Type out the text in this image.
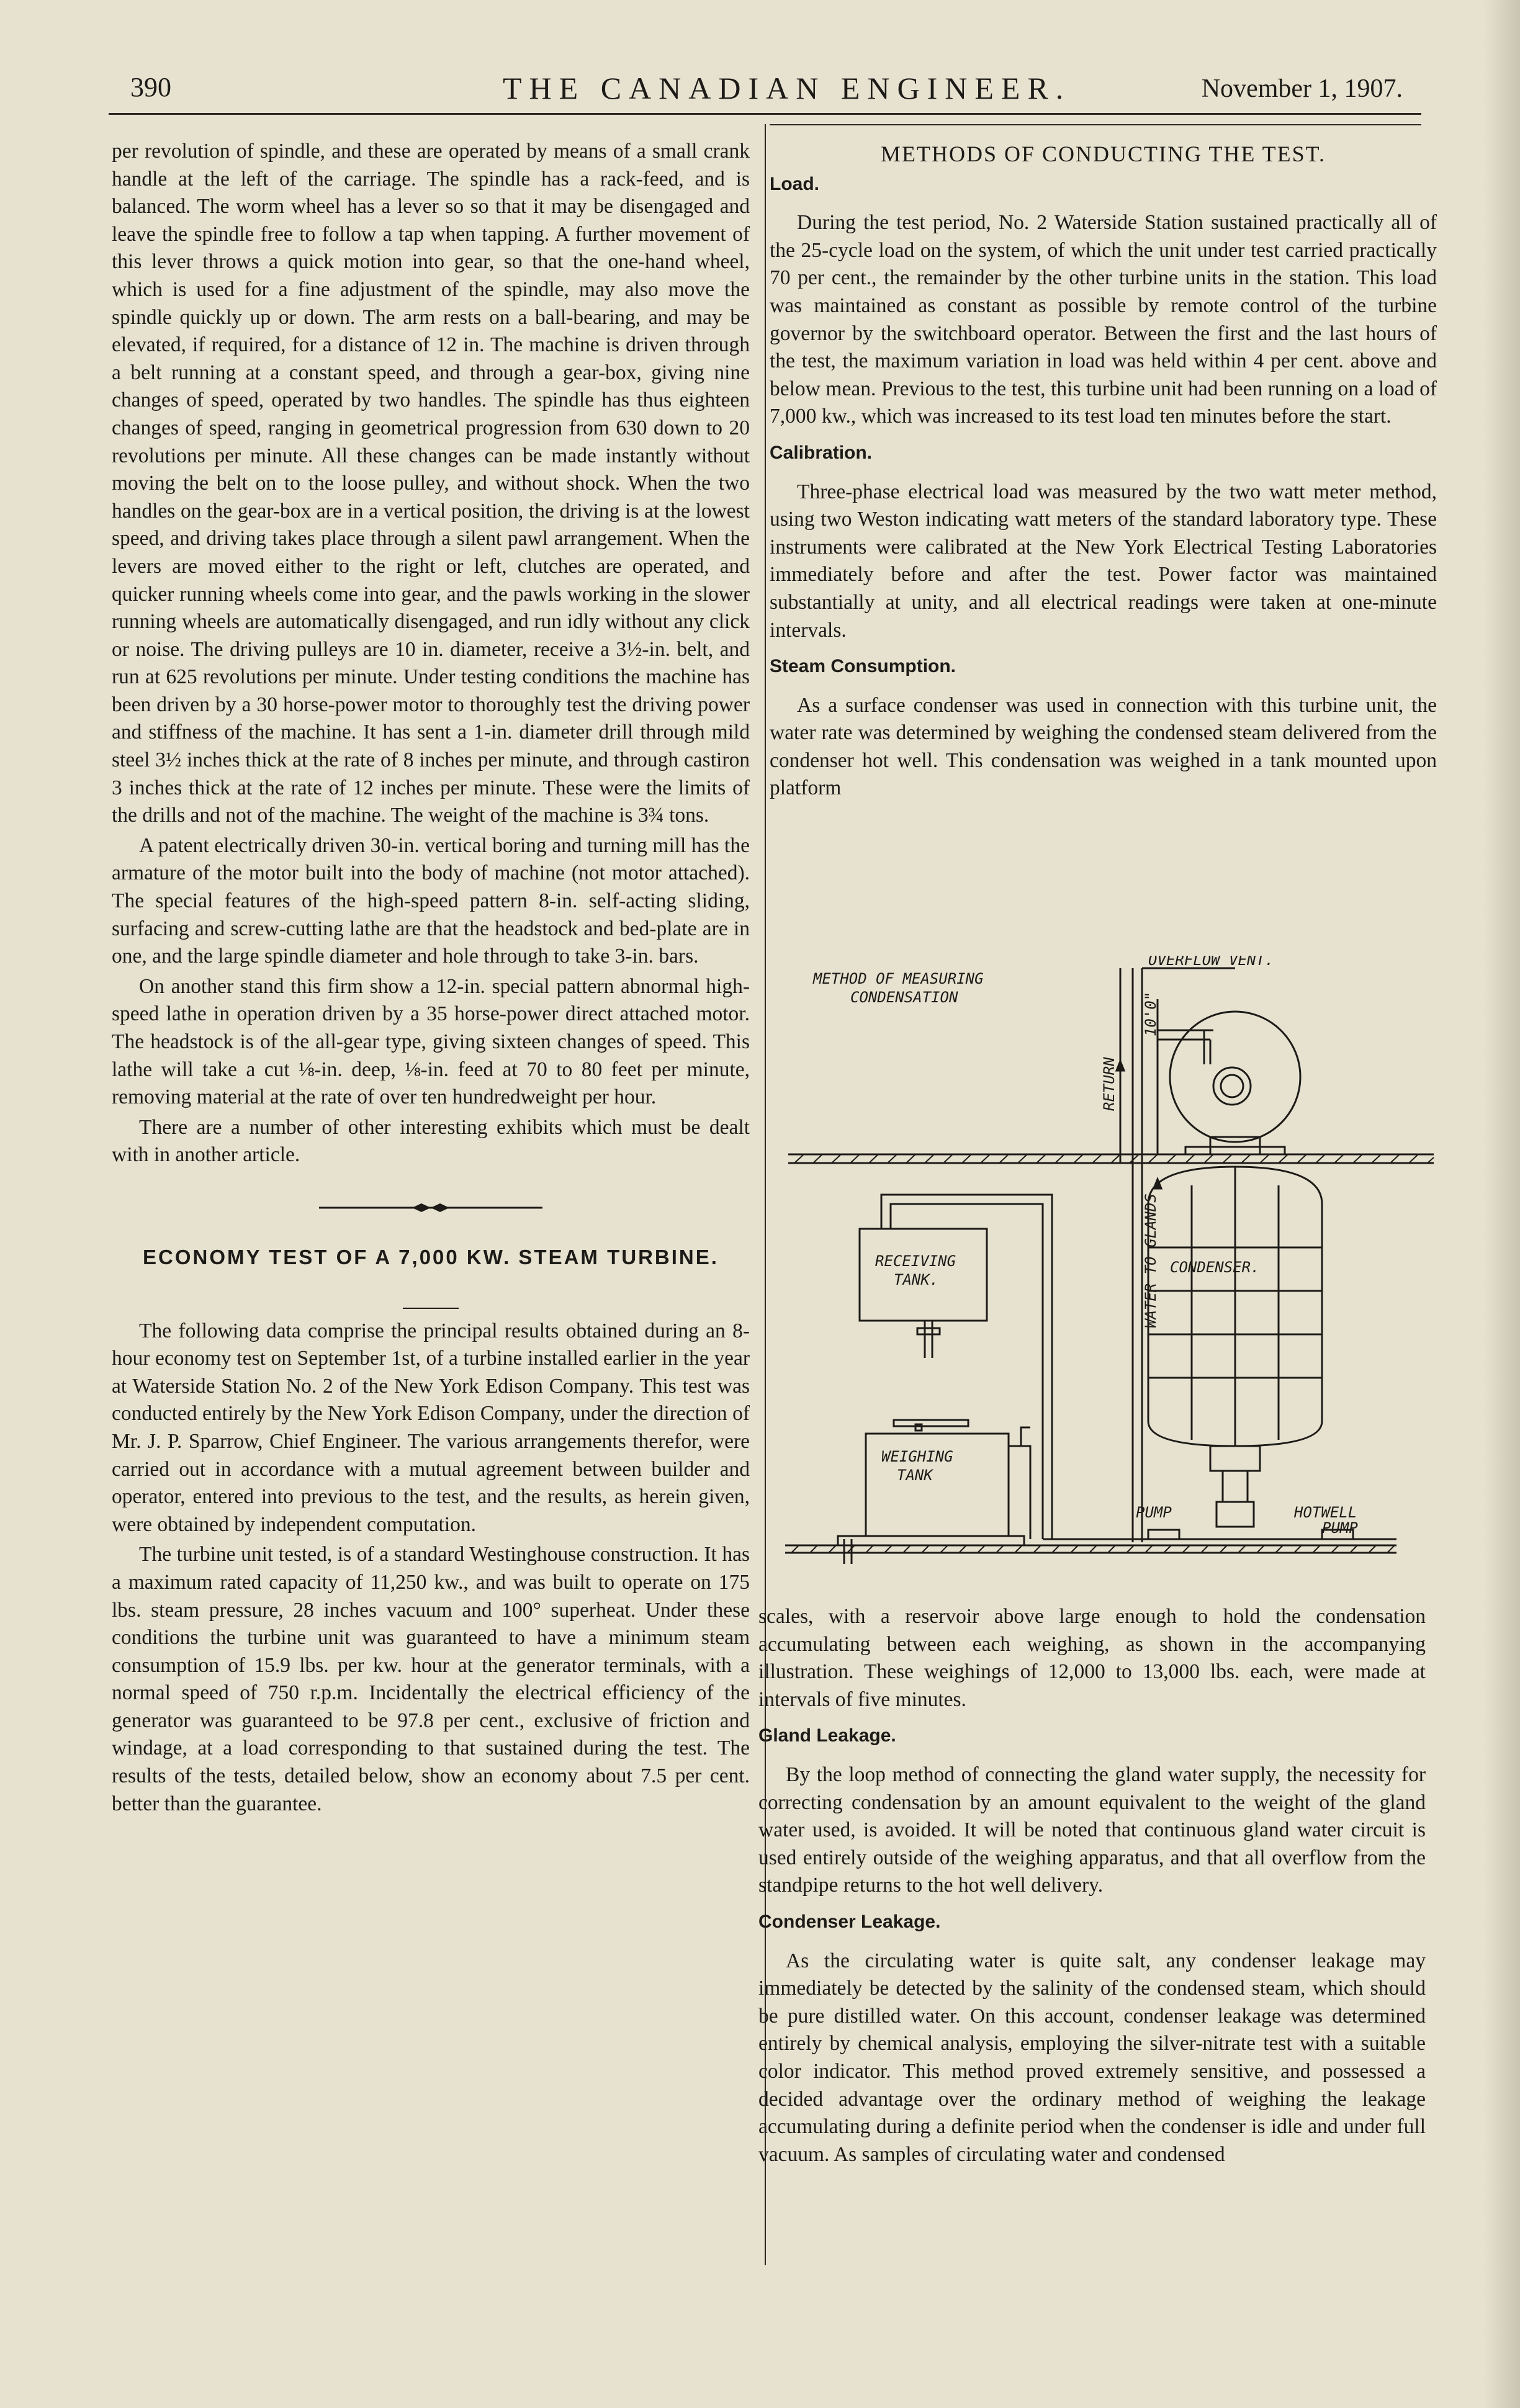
390	THE CANADIAN ENGINEER.	November 1, 1907.

per revolution of spindle, and these are operated by means of a small crank handle at the left of the carriage. The spindle has a rack-feed, and is balanced. The worm wheel has a lever so so that it may be disengaged and leave the spindle free to follow a tap when tapping. A further movement of this lever throws a quick motion into gear, so that the one-hand wheel, which is used for a fine adjustment of the spindle, may also move the spindle quickly up or down. The arm rests on a ball-bearing, and may be elevated, if required, for a distance of 12 in. The machine is driven through a belt running at a constant speed, and through a gear-box, giving nine changes of speed, operated by two handles. The spindle has thus eighteen changes of speed, ranging in geometrical progression from 630 down to 20 revolutions per minute. All these changes can be made instantly without moving the belt on to the loose pulley, and without shock. When the two handles on the gear-box are in a vertical position, the driving is at the lowest speed, and driving takes place through a silent pawl arrangement. When the levers are moved either to the right or left, clutches are operated, and quicker running wheels come into gear, and the pawls working in the slower running wheels are automatically disengaged, and run idly without any click or noise. The driving pulleys are 10 in. diameter, receive a 3½-in. belt, and run at 625 revolutions per minute. Under testing conditions the machine has been driven by a 30 horse-power motor to thoroughly test the driving power and stiffness of the machine. It has sent a 1-in. diameter drill through mild steel 3½ inches thick at the rate of 8 inches per minute, and through castiron 3 inches thick at the rate of 12 inches per minute. These were the limits of the drills and not of the machine. The weight of the machine is 3¾ tons.

A patent electrically driven 30-in. vertical boring and turning mill has the armature of the motor built into the body of machine (not motor attached). The special features of the high-speed pattern 8-in. self-acting sliding, surfacing and screw-cutting lathe are that the headstock and bed-plate are in one, and the large spindle diameter and hole through to take 3-in. bars.

On another stand this firm show a 12-in. special pattern abnormal high-speed lathe in operation driven by a 35 horse-power direct attached motor. The headstock is of the all-gear type, giving sixteen changes of speed. This lathe will take a cut ⅛-in. deep, ⅛-in. feed at 70 to 80 feet per minute, removing material at the rate of over ten hundredweight per hour.

There are a number of other interesting exhibits which must be dealt with in another article.

ECONOMY TEST OF A 7,000 KW. STEAM TURBINE.

The following data comprise the principal results obtained during an 8-hour economy test on September 1st, of a turbine installed earlier in the year at Waterside Station No. 2 of the New York Edison Company. This test was conducted entirely by the New York Edison Company, under the direction of Mr. J. P. Sparrow, Chief Engineer. The various arrangements therefor, were carried out in accordance with a mutual agreement between builder and operator, entered into previous to the test, and the results, as herein given, were obtained by independent computation.

The turbine unit tested, is of a standard Westinghouse construction. It has a maximum rated capacity of 11,250 kw., and was built to operate on 175 lbs. steam pressure, 28 inches vacuum and 100° superheat. Under these conditions the turbine unit was guaranteed to have a minimum steam consumption of 15.9 lbs. per kw. hour at the generator terminals, with a normal speed of 750 r.p.m. Incidentally the electrical efficiency of the generator was guaranteed to be 97.8 per cent., exclusive of friction and windage, at a load corresponding to that sustained during the test. The results of the tests, detailed below, show an economy about 7.5 per cent. better than the guarantee.

METHODS OF CONDUCTING THE TEST.
Load.

During the test period, No. 2 Waterside Station sustained practically all of the 25-cycle load on the system, of which the unit under test carried practically 70 per cent., the remainder by the other turbine units in the station. This load was maintained as constant as possible by remote control of the turbine governor by the switchboard operator. Between the first and the last hours of the test, the maximum variation in load was held within 4 per cent. above and below mean. Previous to the test, this turbine unit had been running on a load of 7,000 kw., which was increased to its test load ten minutes before the start.

Calibration.

Three-phase electrical load was measured by the two watt meter method, using two Weston indicating watt meters of the standard laboratory type. These instruments were calibrated at the New York Electrical Testing Laboratories immediately before and after the test. Power factor was maintained substantially at unity, and all electrical readings were taken at one-minute intervals.

Steam Consumption.

As a surface condenser was used in connection with this turbine unit, the water rate was determined by weighing the condensed steam delivered from the condenser hot well. This condensation was weighed in a tank mounted upon platform

METHOD OF MEASURING
CONDENSATION
OVERFLOW VENT.
RETURN
10'0"
WATER TO GLANDS
RECEIVING
TANK.
CONDENSER.
WEIGHING
TANK
PUMP	HOTWELL
PUMP

scales, with a reservoir above large enough to hold the condensation accumulating between each weighing, as shown in the accompanying illustration. These weighings of 12,000 to 13,000 lbs. each, were made at intervals of five minutes.

Gland Leakage.

By the loop method of connecting the gland water supply, the necessity for correcting condensation by an amount equivalent to the weight of the gland water used, is avoided. It will be noted that continuous gland water circuit is used entirely outside of the weighing apparatus, and that all overflow from the standpipe returns to the hot well delivery.

Condenser Leakage.

As the circulating water is quite salt, any condenser leakage may immediately be detected by the salinity of the condensed steam, which should be pure distilled water. On this account, condenser leakage was determined entirely by chemical analysis, employing the silver-nitrate test with a suitable color indicator. This method proved extremely sensitive, and possessed a decided advantage over the ordinary method of weighing the leakage accumulating during a definite period when the condenser is idle and under full vacuum. As samples of circulating water and condensed
